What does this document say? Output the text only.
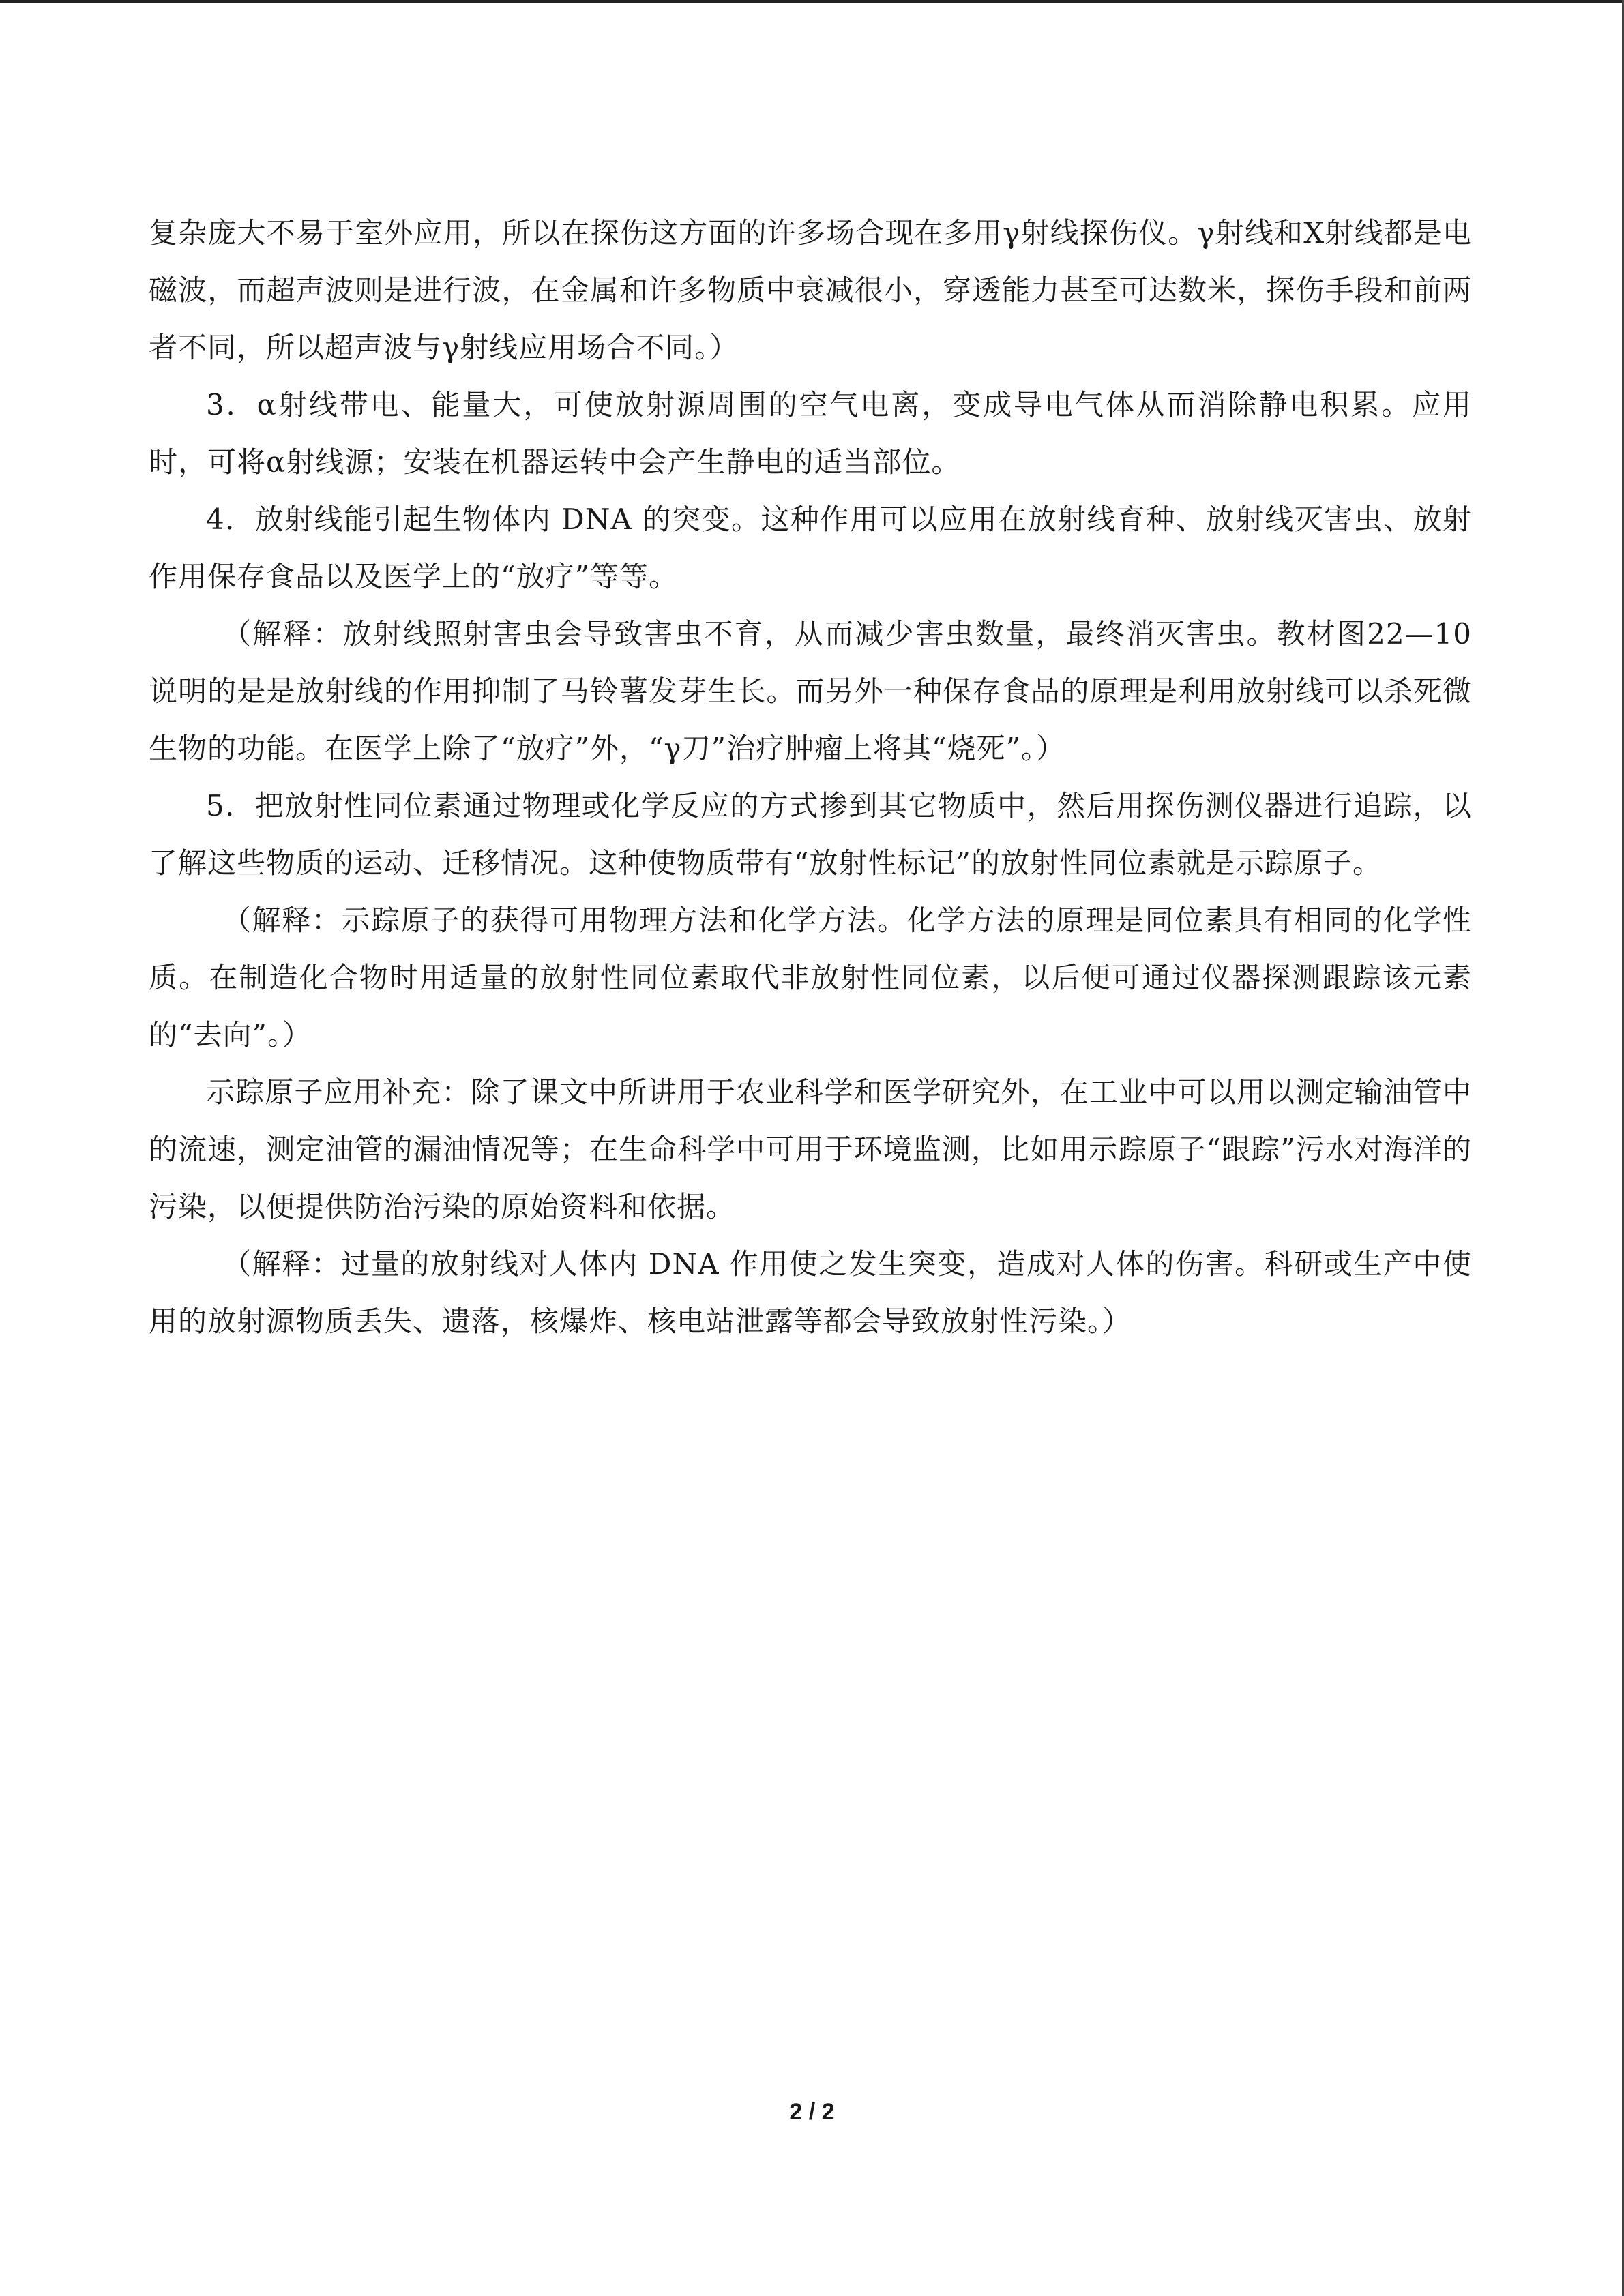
复杂庞大不易于室外应用，所以在探伤这方面的许多场合现在多用γ射线探伤仪。γ射线和X射线都是电磁波，而超声波则是进行波，在金属和许多物质中衰减很小，穿透能力甚至可达数米，探伤手段和前两者不同，所以超声波与γ射线应用场合不同。）

3．α射线带电、能量大，可使放射源周围的空气电离，变成导电气体从而消除静电积累。应用时，可将α射线源；安装在机器运转中会产生静电的适当部位。

4．放射线能引起生物体内 DNA 的突变。这种作用可以应用在放射线育种、放射线灭害虫、放射作用保存食品以及医学上的“放疗”等等。

（解释：放射线照射害虫会导致害虫不育，从而减少害虫数量，最终消灭害虫。教材图22—10 说明的是是放射线的作用抑制了马铃薯发芽生长。而另外一种保存食品的原理是利用放射线可以杀死微生物的功能。在医学上除了“放疗”外，“γ刀”治疗肿瘤上将其“烧死”。）

5．把放射性同位素通过物理或化学反应的方式掺到其它物质中，然后用探伤测仪器进行追踪，以了解这些物质的运动、迁移情况。这种使物质带有“放射性标记”的放射性同位素就是示踪原子。

（解释：示踪原子的获得可用物理方法和化学方法。化学方法的原理是同位素具有相同的化学性质。在制造化合物时用适量的放射性同位素取代非放射性同位素，以后便可通过仪器探测跟踪该元素的“去向”。）

示踪原子应用补充：除了课文中所讲用于农业科学和医学研究外，在工业中可以用以测定输油管中的流速，测定油管的漏油情况等；在生命科学中可用于环境监测，比如用示踪原子“跟踪”污水对海洋的污染，以便提供防治污染的原始资料和依据。

（解释：过量的放射线对人体内 DNA 作用使之发生突变，造成对人体的伤害。科研或生产中使用的放射源物质丢失、遗落，核爆炸、核电站泄露等都会导致放射性污染。）

2 / 2
